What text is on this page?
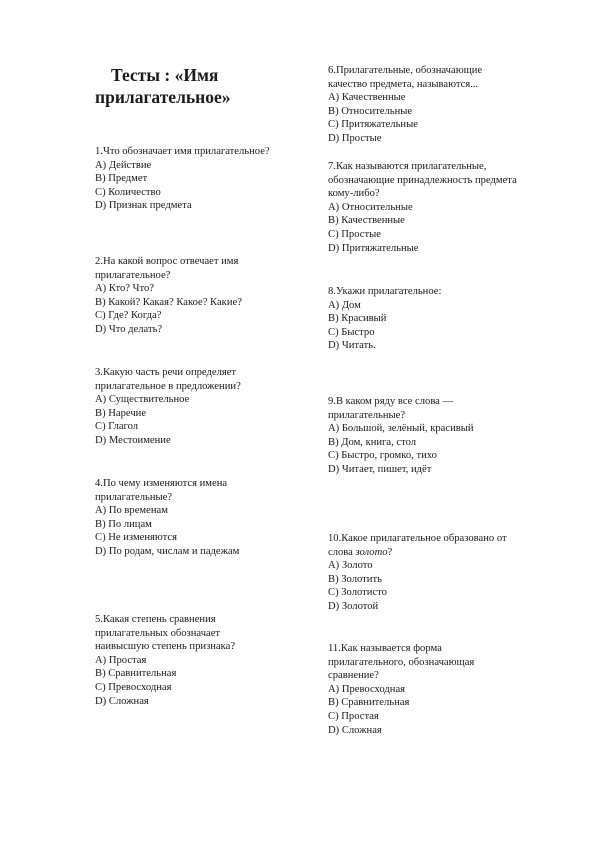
Тесты : «Имя прилагательное»

1.Что обозначает имя прилагательное?

А) Действие
В) Предмет
С) Количество
D) Признак предмета

2.На какой вопрос отвечает имя прилагательное?

А) Кто? Что?
В) Какой? Какая? Какое? Какие?
С) Где? Когда?
D) Что делать?

3.Какую часть речи определяет прилагательное в предложении?

А) Существительное
В) Наречие
С) Глагол
D) Местоимение

4.По чему изменяются имена прилагательные?

А) По временам
В) По лицам
С) Не изменяются
D) По родам, числам и падежам

5.Какая степень сравнения прилагательных обозначает наивысшую степень признака?

А) Простая
В) Сравнительная
С) Превосходная
D) Сложная

6.Прилагательные, обозначающие качество предмета, называются...

А) Качественные
В) Относительные
С) Притяжательные
D) Простые

7.Как называются прилагательные, обозначающие принадлежность предмета кому-либо?

А) Относительные
В) Качественные
С) Простые
D) Притяжательные

8.Укажи прилагательное:

А) Дом
В) Красивый
С) Быстро
D) Читать.

9.В каком ряду все слова — прилагательные?

А) Большой, зелёный, красивый
В) Дом, книга, стол
С) Быстро, громко, тихо
D) Читает, пишет, идёт

10.Какое прилагательное образовано от слова золото?

А) Золото
В) Золотить
С) Золотисто
D) Золотой

11.Как называется форма прилагательного, обозначающая сравнение?

А) Превосходная
В) Сравнительная
С) Простая
D) Сложная
